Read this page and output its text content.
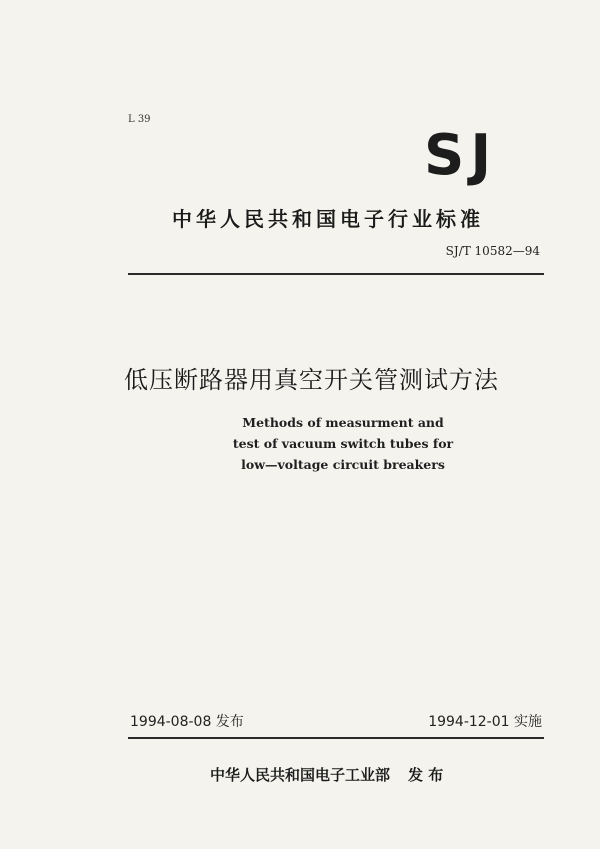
L 39
SJ
中华人民共和国电子行业标准
SJ/T 10582—94
低压断路器用真空开关管测试方法
Methods of measurment and
test of vacuum switch tubes for
low—voltage circuit breakers
1994-08-08 发布	1994-12-01 实施
中华人民共和国电子工业部 发 布
